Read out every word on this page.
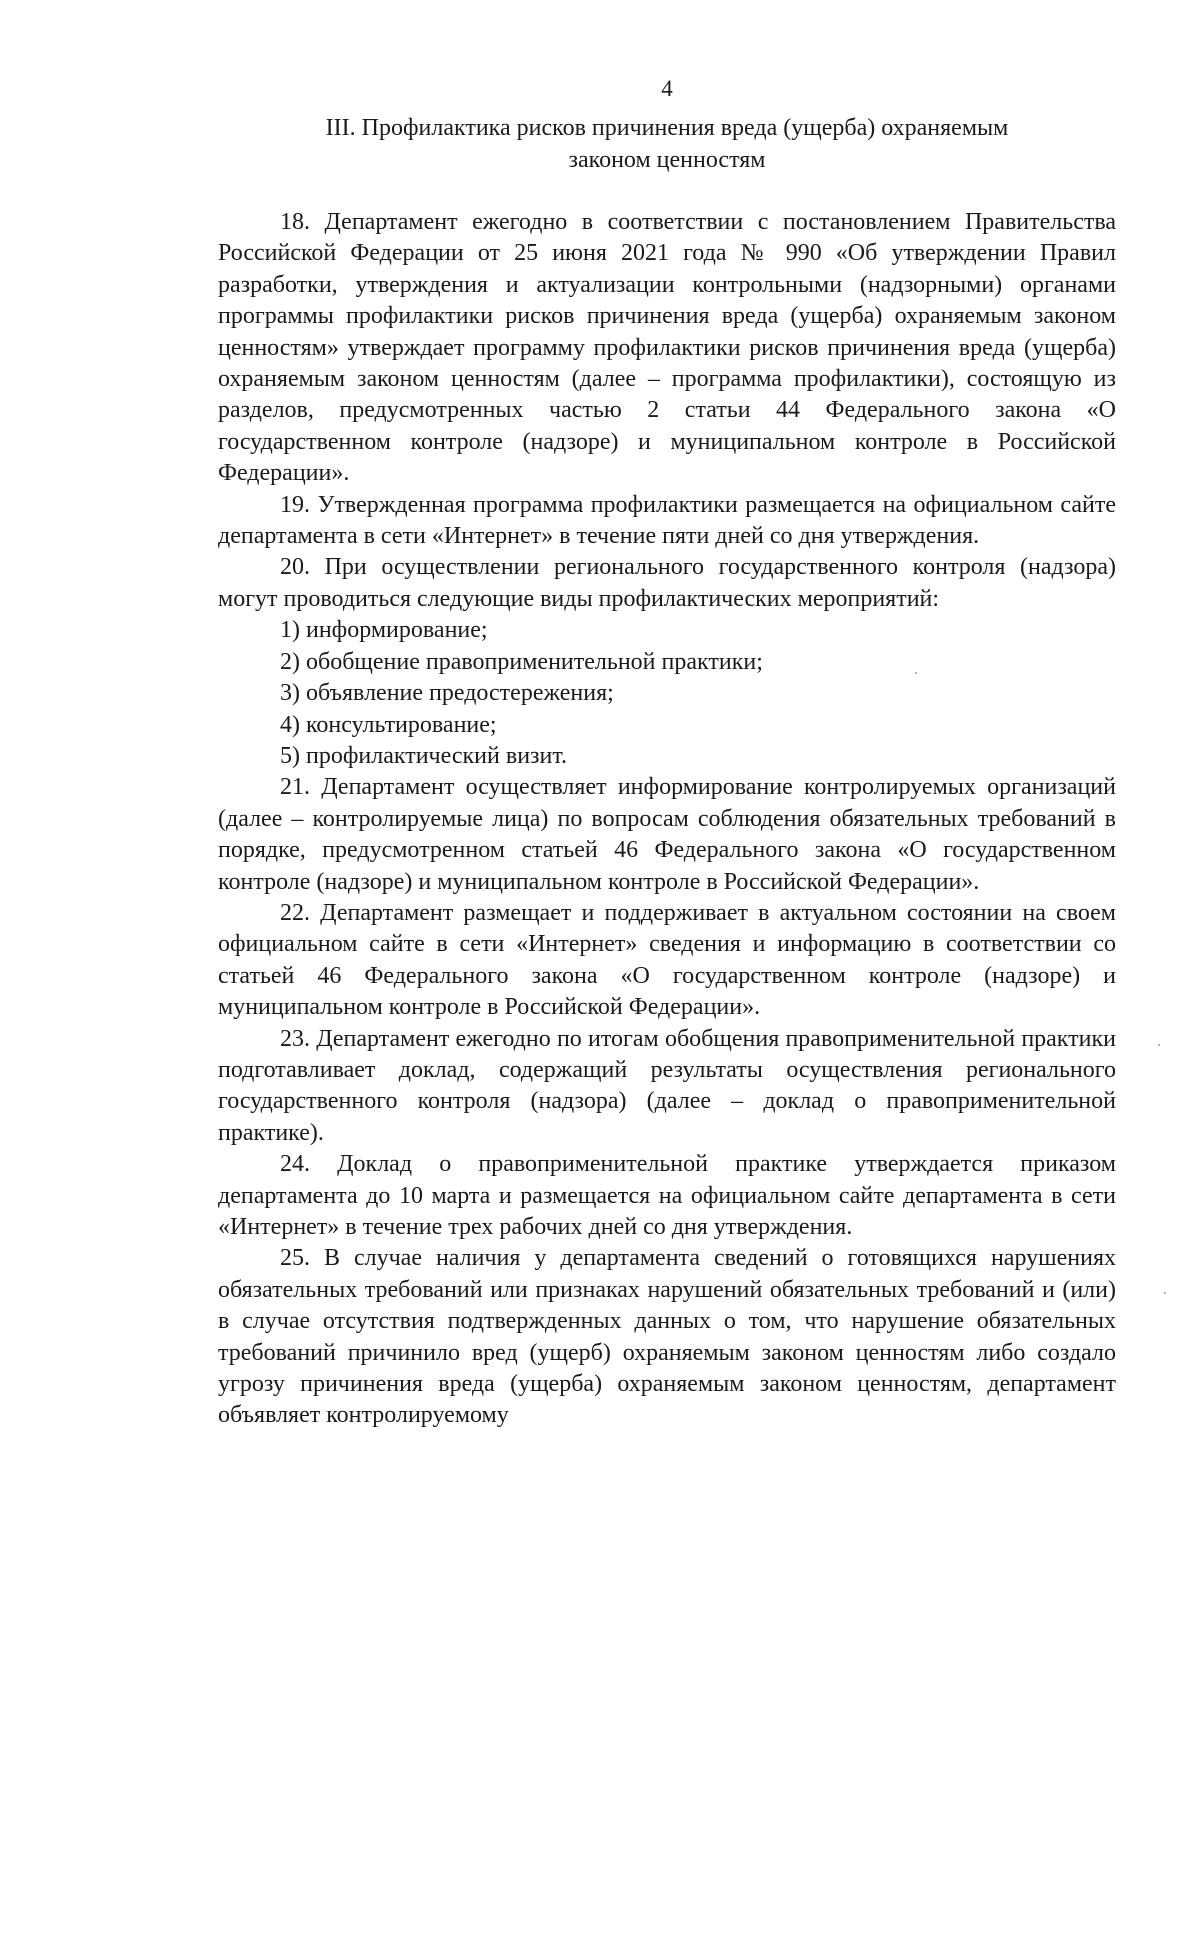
4
III. Профилактика рисков причинения вреда (ущерба) охраняемым
законом ценностям

18. Департамент ежегодно в соответствии с постановлением Правительства Российской Федерации от 25 июня 2021 года № 990 «Об утверждении Правил разработки, утверждения и актуализации контрольными (надзорными) органами программы профилактики рисков причинения вреда (ущерба) охраняемым законом ценностям» утверждает программу профилактики рисков причинения вреда (ущерба) охраняемым законом ценностям (далее – программа профилактики), состоящую из разделов, предусмотренных частью 2 статьи 44 Федерального закона «О государственном контроле (надзоре) и муниципальном контроле в Российской Федерации».

19. Утвержденная программа профилактики размещается на официальном сайте департамента в сети «Интернет» в течение пяти дней со дня утверждения.

20. При осуществлении регионального государственного контроля (надзора) могут проводиться следующие виды профилактических мероприятий:

1) информирование;

2) обобщение правоприменительной практики;

3) объявление предостережения;

4) консультирование;

5) профилактический визит.

21. Департамент осуществляет информирование контролируемых организаций (далее – контролируемые лица) по вопросам соблюдения обязательных требований в порядке, предусмотренном статьей 46 Федерального закона «О государственном контроле (надзоре) и муниципальном контроле в Российской Федерации».

22. Департамент размещает и поддерживает в актуальном состоянии на своем официальном сайте в сети «Интернет» сведения и информацию в соответствии со статьей 46 Федерального закона «О государственном контроле (надзоре) и муниципальном контроле в Российской Федерации».

23. Департамент ежегодно по итогам обобщения правоприменительной практики подготавливает доклад, содержащий результаты осуществления регионального государственного контроля (надзора) (далее – доклад о правоприменительной практике).

24. Доклад о правоприменительной практике утверждается приказом департамента до 10 марта и размещается на официальном сайте департамента в сети «Интернет» в течение трех рабочих дней со дня утверждения.

25. В случае наличия у департамента сведений о готовящихся нарушениях обязательных требований или признаках нарушений обязательных требований и (или) в случае отсутствия подтвержденных данных о том, что нарушение обязательных требований причинило вред (ущерб) охраняемым законом ценностям либо создало угрозу причинения вреда (ущерба) охраняемым законом ценностям, департамент объявляет контролируемому
